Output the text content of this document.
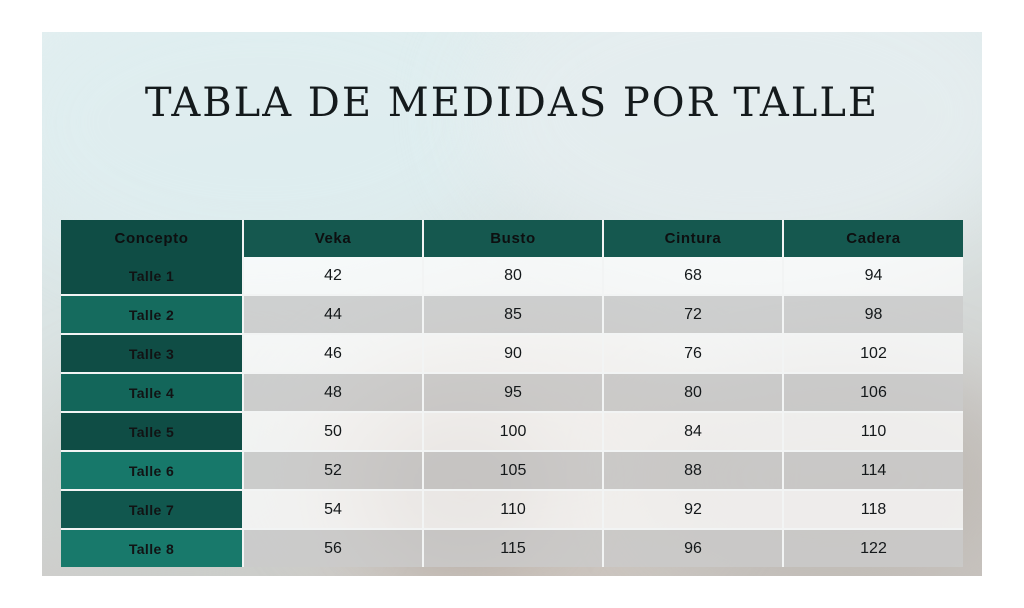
TABLA DE MEDIDAS POR TALLE
Concepto	Veka	Busto	Cintura	Cadera
Talle 1	42	80	68	94
Talle 2	44	85	72	98
Talle 3	46	90	76	102
Talle 4	48	95	80	106
Talle 5	50	100	84	110
Talle 6	52	105	88	114
Talle 7	54	110	92	118
Talle 8	56	115	96	122
